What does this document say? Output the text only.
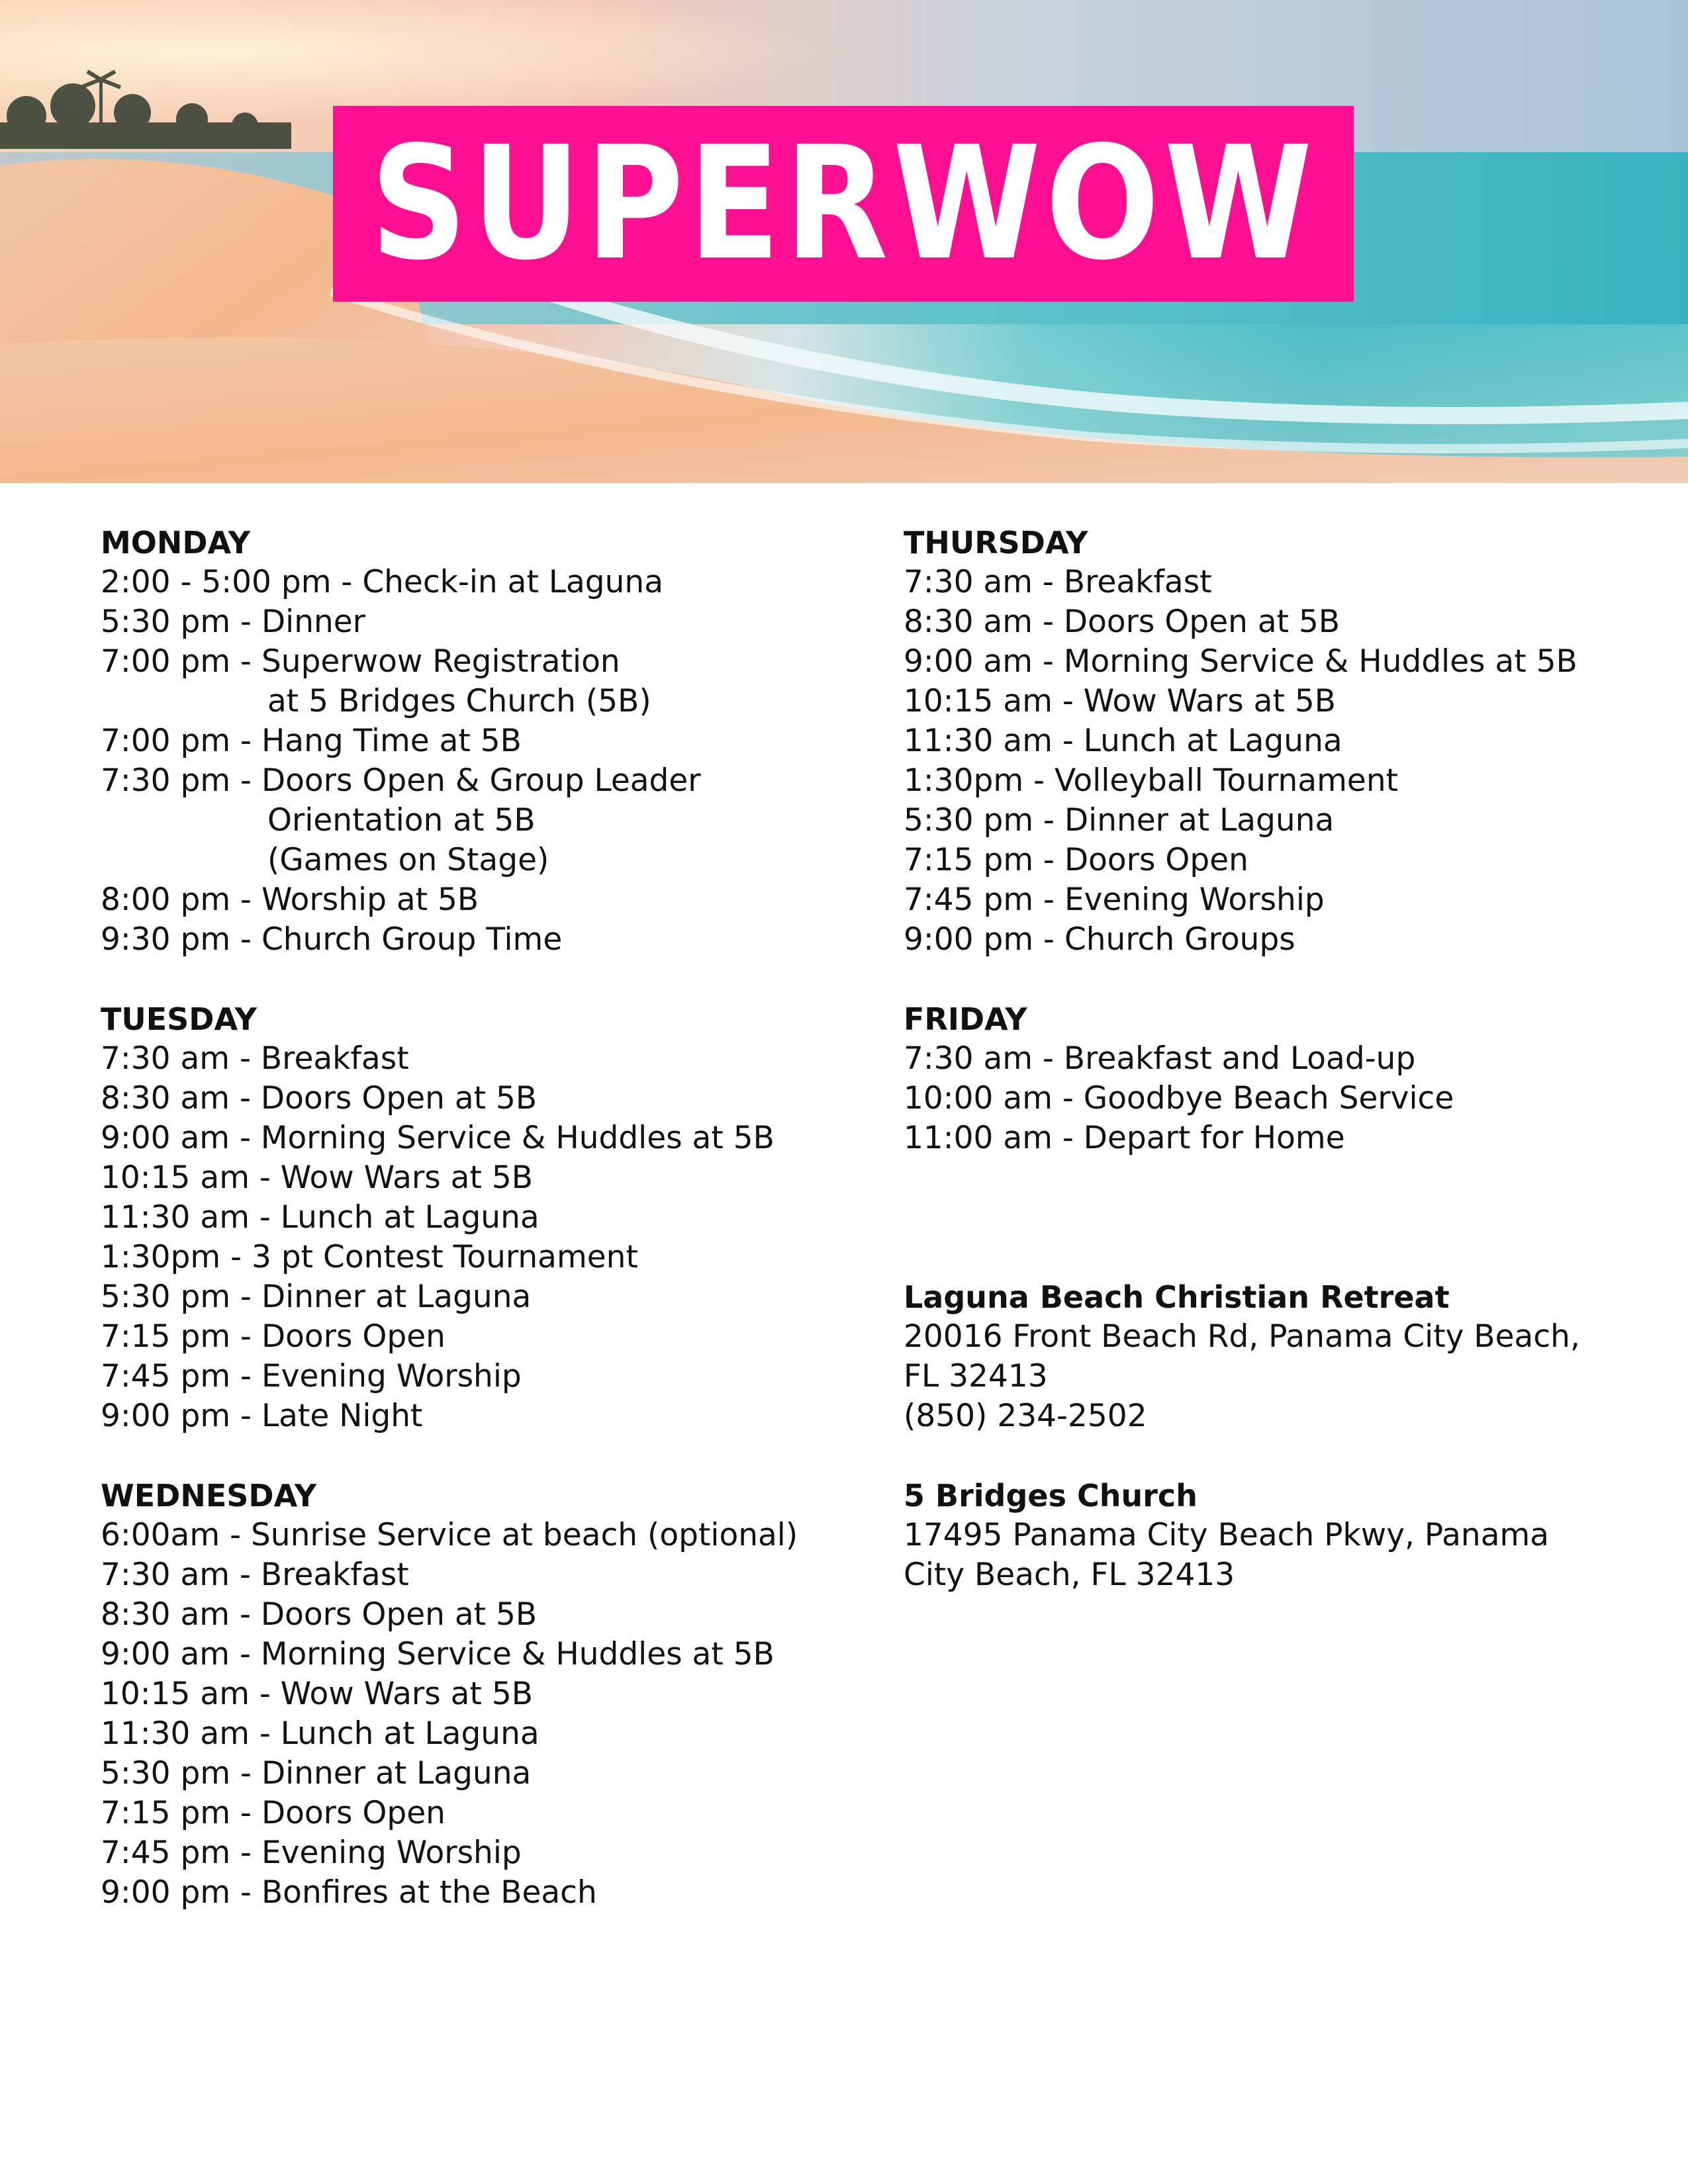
SUPERWOW
MONDAY
2:00 - 5:00 pm - Check-in at Laguna
5:30 pm - Dinner
7:00 pm - Superwow Registration
at 5 Bridges Church (5B)
7:00 pm - Hang Time at 5B
7:30 pm - Doors Open & Group Leader
Orientation at 5B
(Games on Stage)
8:00 pm - Worship at 5B
9:30 pm - Church Group Time
TUESDAY
7:30 am - Breakfast
8:30 am - Doors Open at 5B
9:00 am - Morning Service & Huddles at 5B
10:15 am - Wow Wars at 5B
11:30 am - Lunch at Laguna
1:30pm - 3 pt Contest Tournament
5:30 pm - Dinner at Laguna
7:15 pm - Doors Open
7:45 pm - Evening Worship
9:00 pm - Late Night
WEDNESDAY
6:00am - Sunrise Service at beach (optional)
7:30 am - Breakfast
8:30 am - Doors Open at 5B
9:00 am - Morning Service & Huddles at 5B
10:15 am - Wow Wars at 5B
11:30 am - Lunch at Laguna
5:30 pm - Dinner at Laguna
7:15 pm - Doors Open
7:45 pm - Evening Worship
9:00 pm - Bonfires at the Beach
THURSDAY
7:30 am - Breakfast
8:30 am - Doors Open at 5B
9:00 am - Morning Service & Huddles at 5B
10:15 am - Wow Wars at 5B
11:30 am - Lunch at Laguna
1:30pm - Volleyball Tournament
5:30 pm - Dinner at Laguna
7:15 pm - Doors Open
7:45 pm - Evening Worship
9:00 pm - Church Groups
FRIDAY
7:30 am - Breakfast and Load-up
10:00 am - Goodbye Beach Service
11:00 am - Depart for Home
Laguna Beach Christian Retreat
20016 Front Beach Rd, Panama City Beach,
FL 32413
(850) 234-2502
5 Bridges Church
17495 Panama City Beach Pkwy, Panama
City Beach, FL 32413
